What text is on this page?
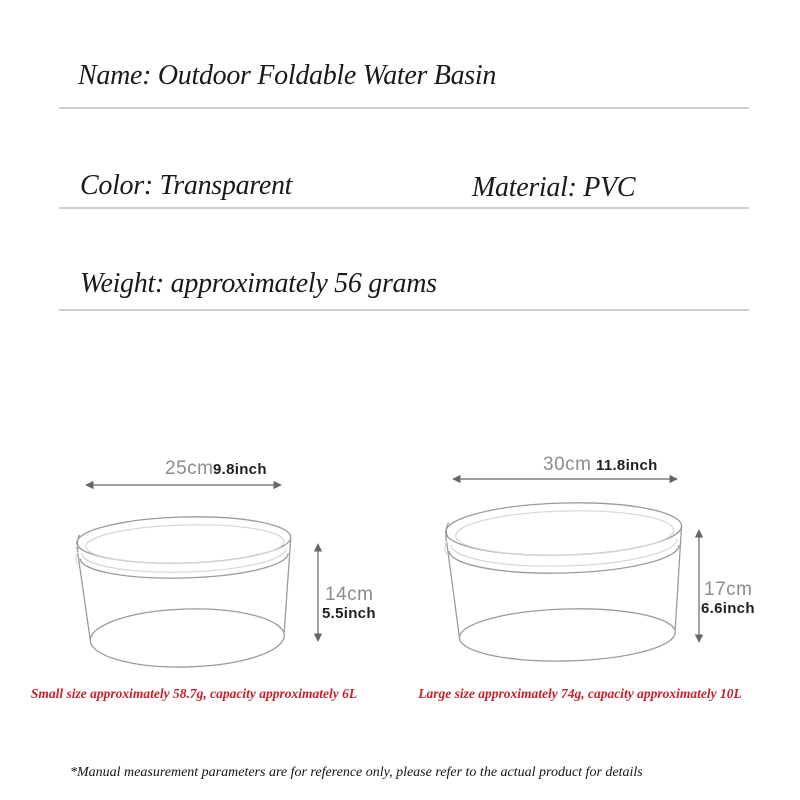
Name: Outdoor Foldable Water Basin
Color: Transparent	Material: PVC
Weight: approximately 56 grams
25cm 9.8inch
14cm
5.5inch
30cm 11.8inch
17cm
6.6inch
Small size approximately 58.7g, capacity approximately 6L	Large size approximately 74g, capacity approximately 10L
*Manual measurement parameters are for reference only, please refer to the actual product for details
